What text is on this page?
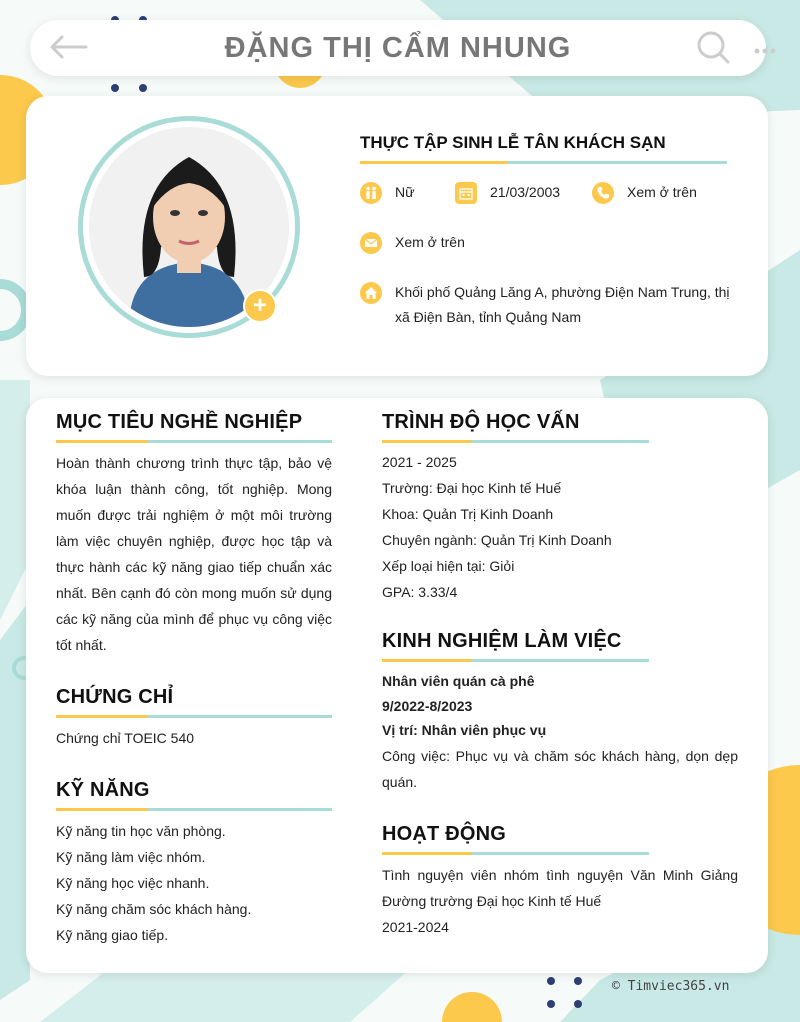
ĐẶNG THỊ CẨM NHUNG
+
THỰC TẬP SINH LỄ TÂN KHÁCH SẠN
Nữ	21/03/2003	Xem ở trên
Xem ở trên
Khối phố Quảng Lăng A, phường Điện Nam Trung, thị xã Điện Bàn, tỉnh Quảng Nam
MỤC TIÊU NGHỀ NGHIỆP
Hoàn thành chương trình thực tập, bảo vệ khóa luận thành công, tốt nghiệp. Mong muốn được trải nghiệm ở một môi trường làm việc chuyên nghiệp, được học tập và thực hành các kỹ năng giao tiếp chuẩn xác nhất. Bên cạnh đó còn mong muốn sử dụng các kỹ năng của mình để phục vụ công việc tốt nhất.
CHỨNG CHỈ
Chứng chỉ TOEIC 540
KỸ NĂNG
Kỹ năng tin học văn phòng.
Kỹ năng làm việc nhóm.
Kỹ năng học việc nhanh.
Kỹ năng chăm sóc khách hàng.
Kỹ năng giao tiếp.
TRÌNH ĐỘ HỌC VẤN
2021 - 2025
Trường: Đại học Kinh tế Huế
Khoa: Quản Trị Kinh Doanh
Chuyên ngành: Quản Trị Kinh Doanh
Xếp loại hiện tại: Giỏi
GPA: 3.33/4
KINH NGHIỆM LÀM VIỆC
Nhân viên quán cà phê
9/2022-8/2023
Vị trí: Nhân viên phục vụ
Công việc: Phục vụ và chăm sóc khách hàng, dọn dẹp quán.
HOẠT ĐỘNG
Tình nguyện viên nhóm tình nguyện Văn Minh Giảng Đường trường Đại học Kinh tế Huế
2021-2024
© Timviec365.vn
